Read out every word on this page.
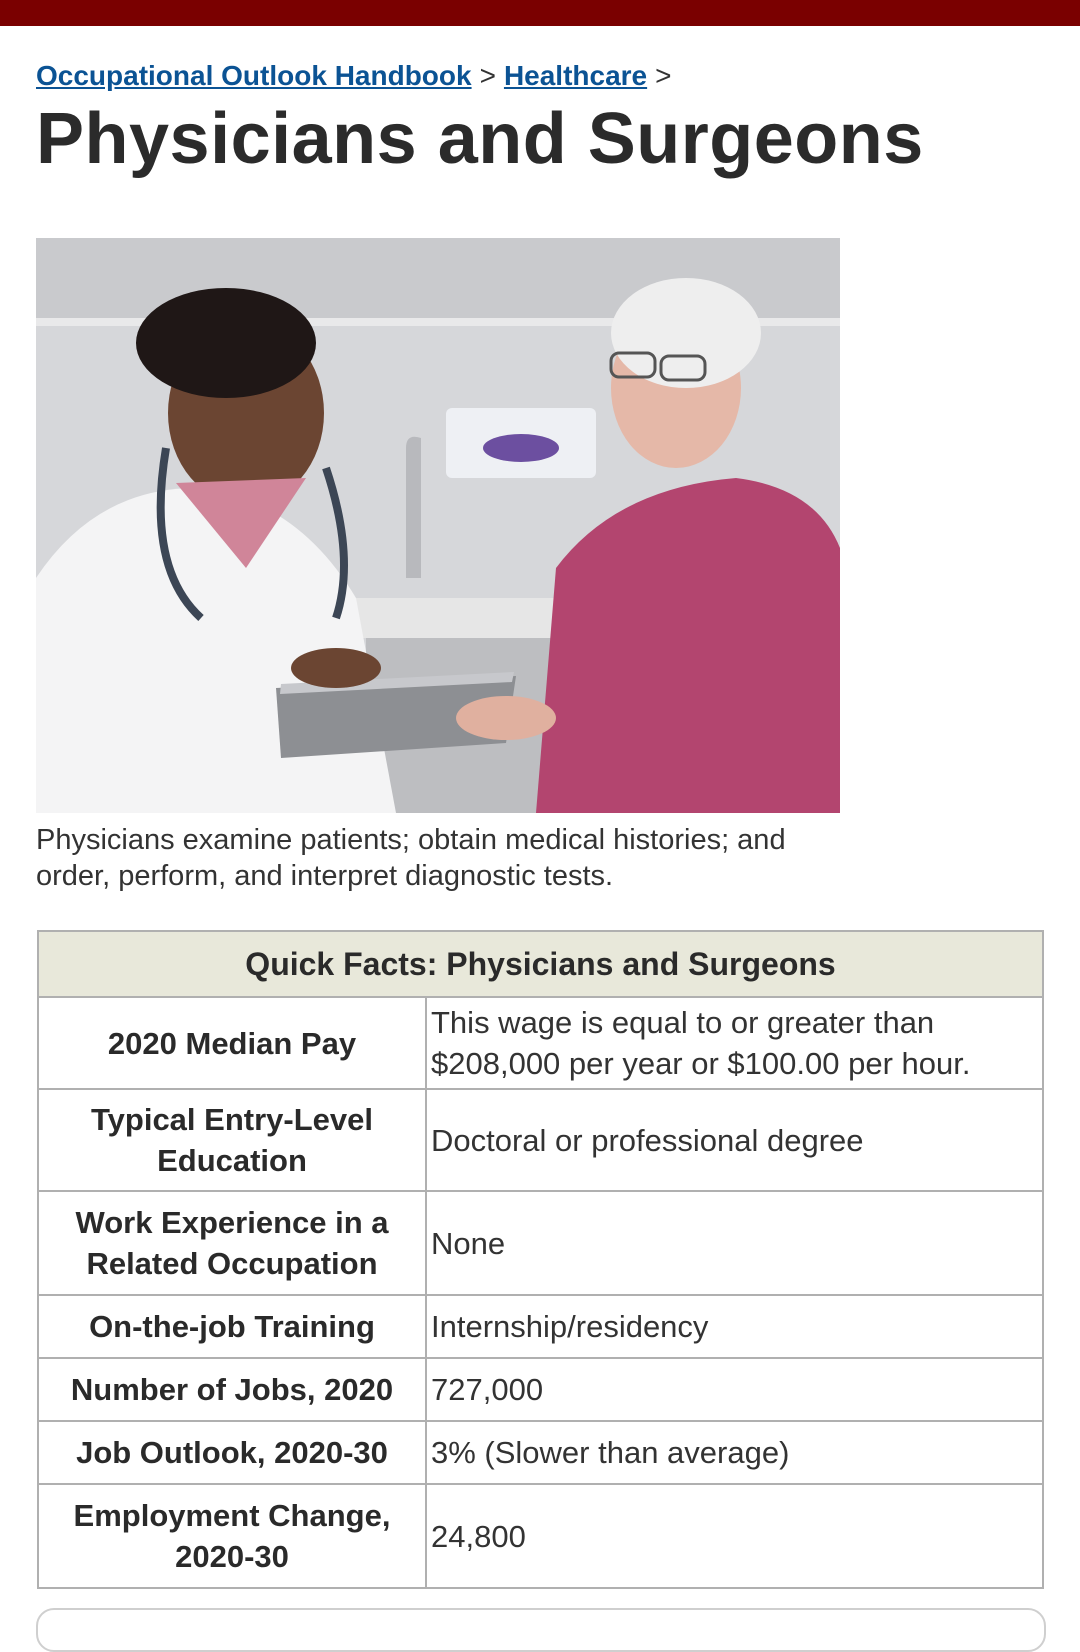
Occupational Outlook Handbook > Healthcare >
Physicians and Surgeons
Physicians examine patients; obtain medical histories; and order, perform, and interpret diagnostic tests.
Quick Facts: Physicians and Surgeons	
2020 Median Pay	This wage is equal to or greater than $208,000 per year or $100.00 per hour.
Typical Entry-Level Education	Doctoral or professional degree
Work Experience in a Related Occupation	None
On-the-job Training	Internship/residency
Number of Jobs, 2020	727,000
Job Outlook, 2020-30	3% (Slower than average)
Employment Change, 2020-30	24,800
